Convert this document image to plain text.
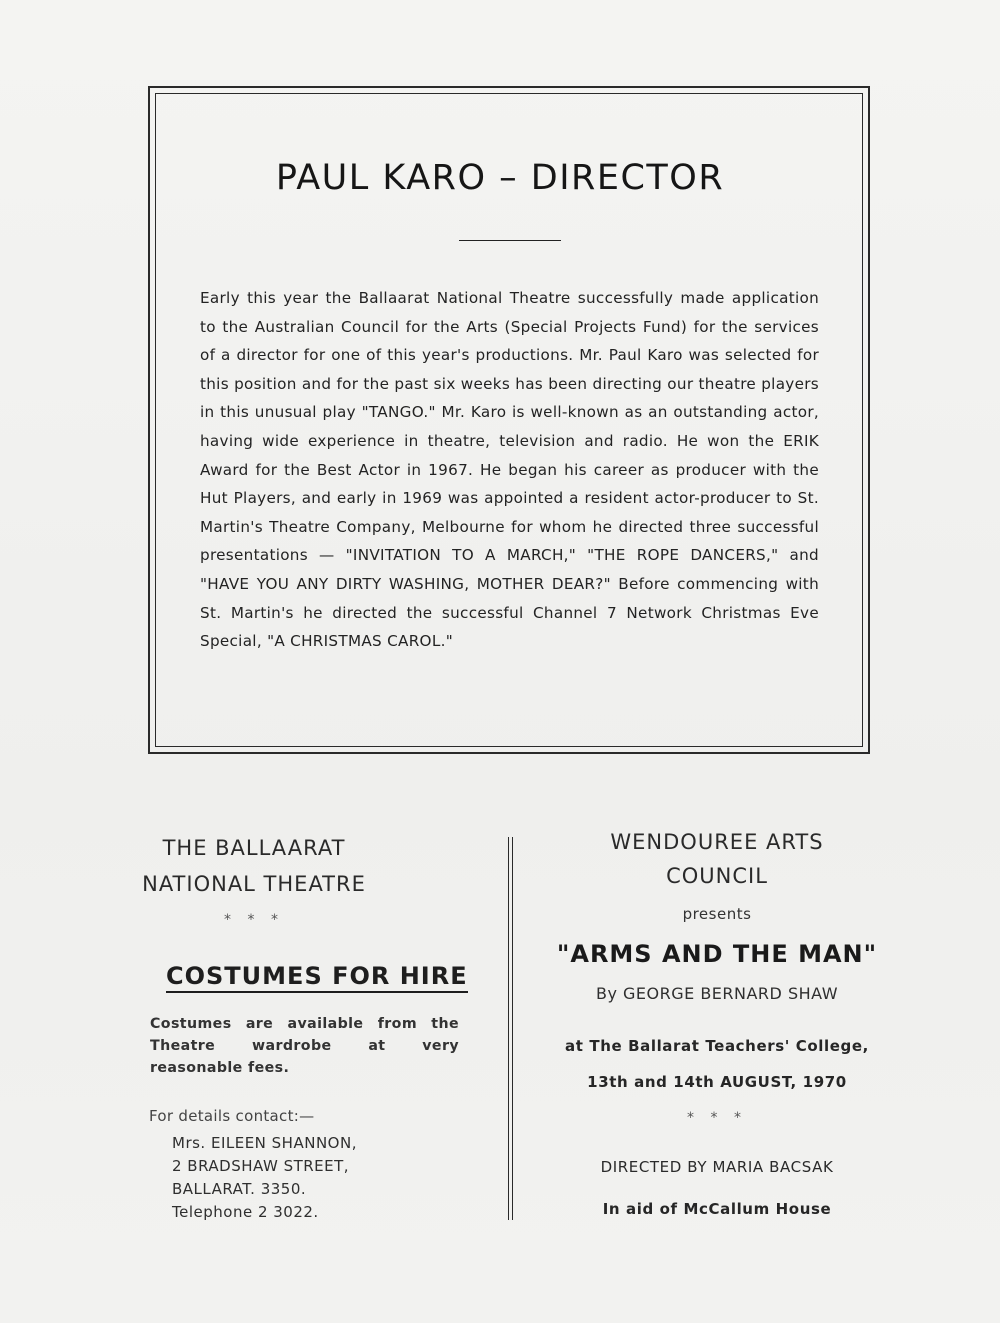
PAUL KARO – DIRECTOR

Early this year the Ballaarat National Theatre successfully made application to the Australian Council for the Arts (Special Projects Fund) for the services of a director for one of this year's productions. Mr. Paul Karo was selected for this position and for the past six weeks has been directing our theatre players in this unusual play "TANGO." Mr. Karo is well-known as an outstanding actor, having wide experience in theatre, television and radio. He won the ERIK Award for the Best Actor in 1967. He began his career as producer with the Hut Players, and early in 1969 was appointed a resident actor-producer to St. Martin's Theatre Company, Melbourne for whom he directed three successful presentations — "INVITATION TO A MARCH," "THE ROPE DANCERS," and "HAVE YOU ANY DIRTY WASHING, MOTHER DEAR?" Before commencing with St. Martin's he directed the successful Channel 7 Network Christmas Eve Special, "A CHRISTMAS CAROL."

THE BALLAARAT
NATIONAL THEATRE
* * *
COSTUMES FOR HIRE

Costumes are available from the Theatre wardrobe at very reasonable fees.

For details contact:—
Mrs. EILEEN SHANNON,
2 BRADSHAW STREET,
BALLARAT. 3350.
Telephone 2 3022.
WENDOUREE ARTS
COUNCIL
presents
"ARMS AND THE MAN"
By GEORGE BERNARD SHAW
at The Ballarat Teachers' College,
13th and 14th AUGUST, 1970
* * *
DIRECTED BY MARIA BACSAK
In aid of McCallum House
